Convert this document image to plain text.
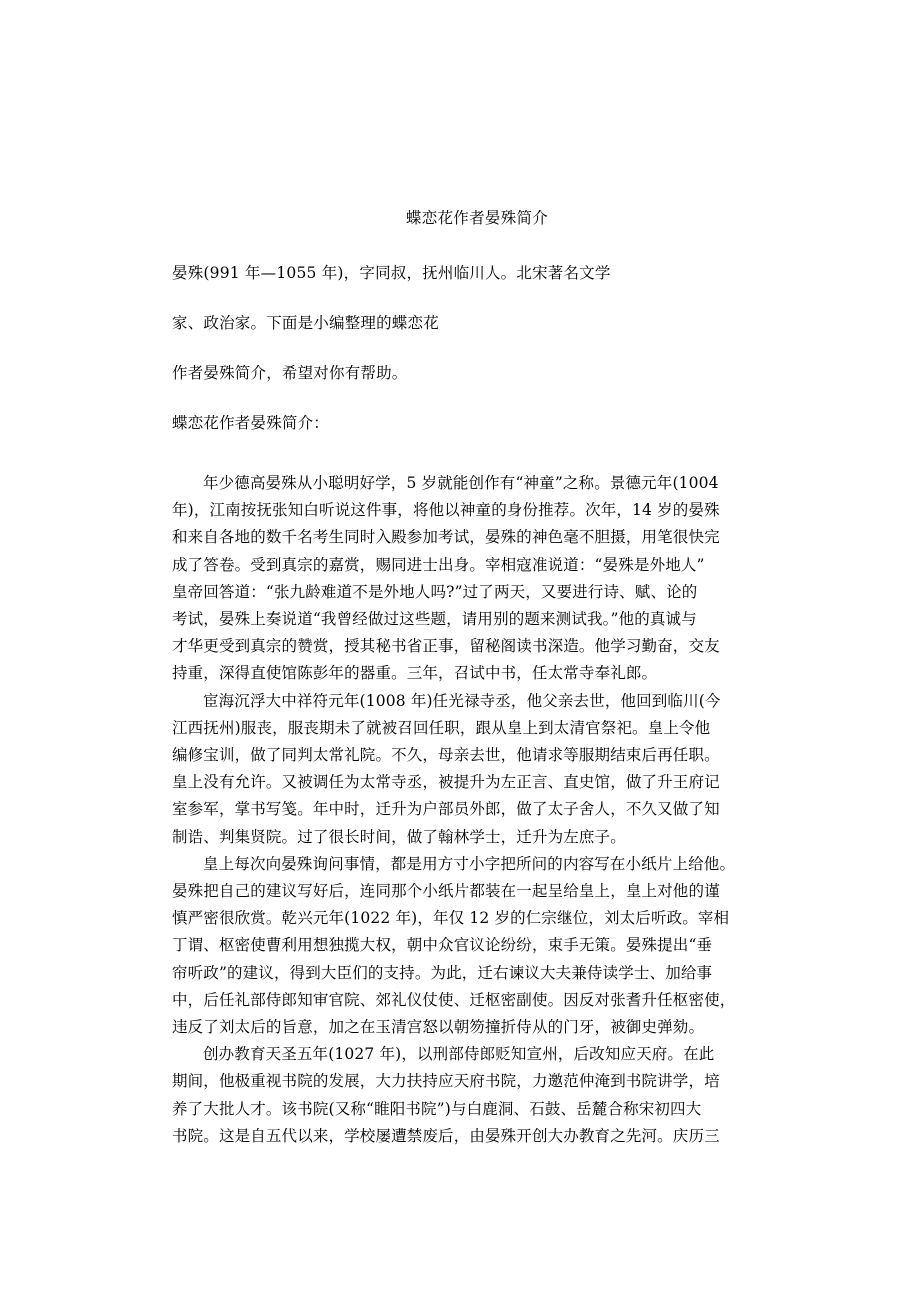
蝶恋花作者晏殊简介
晏殊(991 年—1055 年)，字同叔，抚州临川人。北宋著名文学
家、政治家。下面是小编整理的蝶恋花
作者晏殊简介，希望对你有帮助。
蝶恋花作者晏殊简介：

年少德高晏殊从小聪明好学，5 岁就能创作有“神童”之称。景德元年(1004
年)，江南按抚张知白听说这件事，将他以神童的身份推荐。次年，14 岁的晏殊
和来自各地的数千名考生同时入殿参加考试，晏殊的神色毫不胆摄，用笔很快完
成了答卷。受到真宗的嘉赏，赐同进士出身。宰相寇准说道：“晏殊是外地人”
皇帝回答道：“张九龄难道不是外地人吗?”过了两天，又要进行诗、赋、论的
考试，晏殊上奏说道“我曾经做过这些题，请用别的题来测试我。”他的真诚与
才华更受到真宗的赞赏，授其秘书省正事，留秘阁读书深造。他学习勤奋，交友
持重，深得直使馆陈彭年的器重。三年，召试中书，任太常寺奉礼郎。

宦海沉浮大中祥符元年(1008 年)任光禄寺丞，他父亲去世，他回到临川(今
江西抚州)服丧，服丧期未了就被召回任职，跟从皇上到太清官祭祀。皇上令他
编修宝训，做了同判太常礼院。不久，母亲去世，他请求等服期结束后再任职。
皇上没有允许。又被调任为太常寺丞，被提升为左正言、直史馆，做了升王府记
室参军，掌书写笺。年中时，迁升为户部员外郎，做了太子舍人，不久又做了知
制诰、判集贤院。过了很长时间，做了翰林学士，迁升为左庶子。

皇上每次向晏殊询问事情，都是用方寸小字把所问的内容写在小纸片上给他。
晏殊把自己的建议写好后，连同那个小纸片都装在一起呈给皇上，皇上对他的谨
慎严密很欣赏。乾兴元年(1022 年)，年仅 12 岁的仁宗继位，刘太后听政。宰相
丁谓、枢密使曹利用想独揽大权，朝中众官议论纷纷，束手无策。晏殊提出“垂
帘听政”的建议，得到大臣们的支持。为此，迁右谏议大夫兼侍读学士、加给事
中，后任礼部侍郎知审官院、郊礼仪仗使、迁枢密副使。因反对张耆升任枢密使，
违反了刘太后的旨意，加之在玉清宫怒以朝笏撞折侍从的门牙，被御史弹劾。

创办教育天圣五年(1027 年)，以刑部侍郎贬知宣州，后改知应天府。在此
期间，他极重视书院的发展，大力扶持应天府书院，力邀范仲淹到书院讲学，培
养了大批人才。该书院(又称“睢阳书院”)与白鹿洞、石鼓、岳麓合称宋初四大
书院。这是自五代以来，学校屡遭禁废后，由晏殊开创大办教育之先河。庆历三
